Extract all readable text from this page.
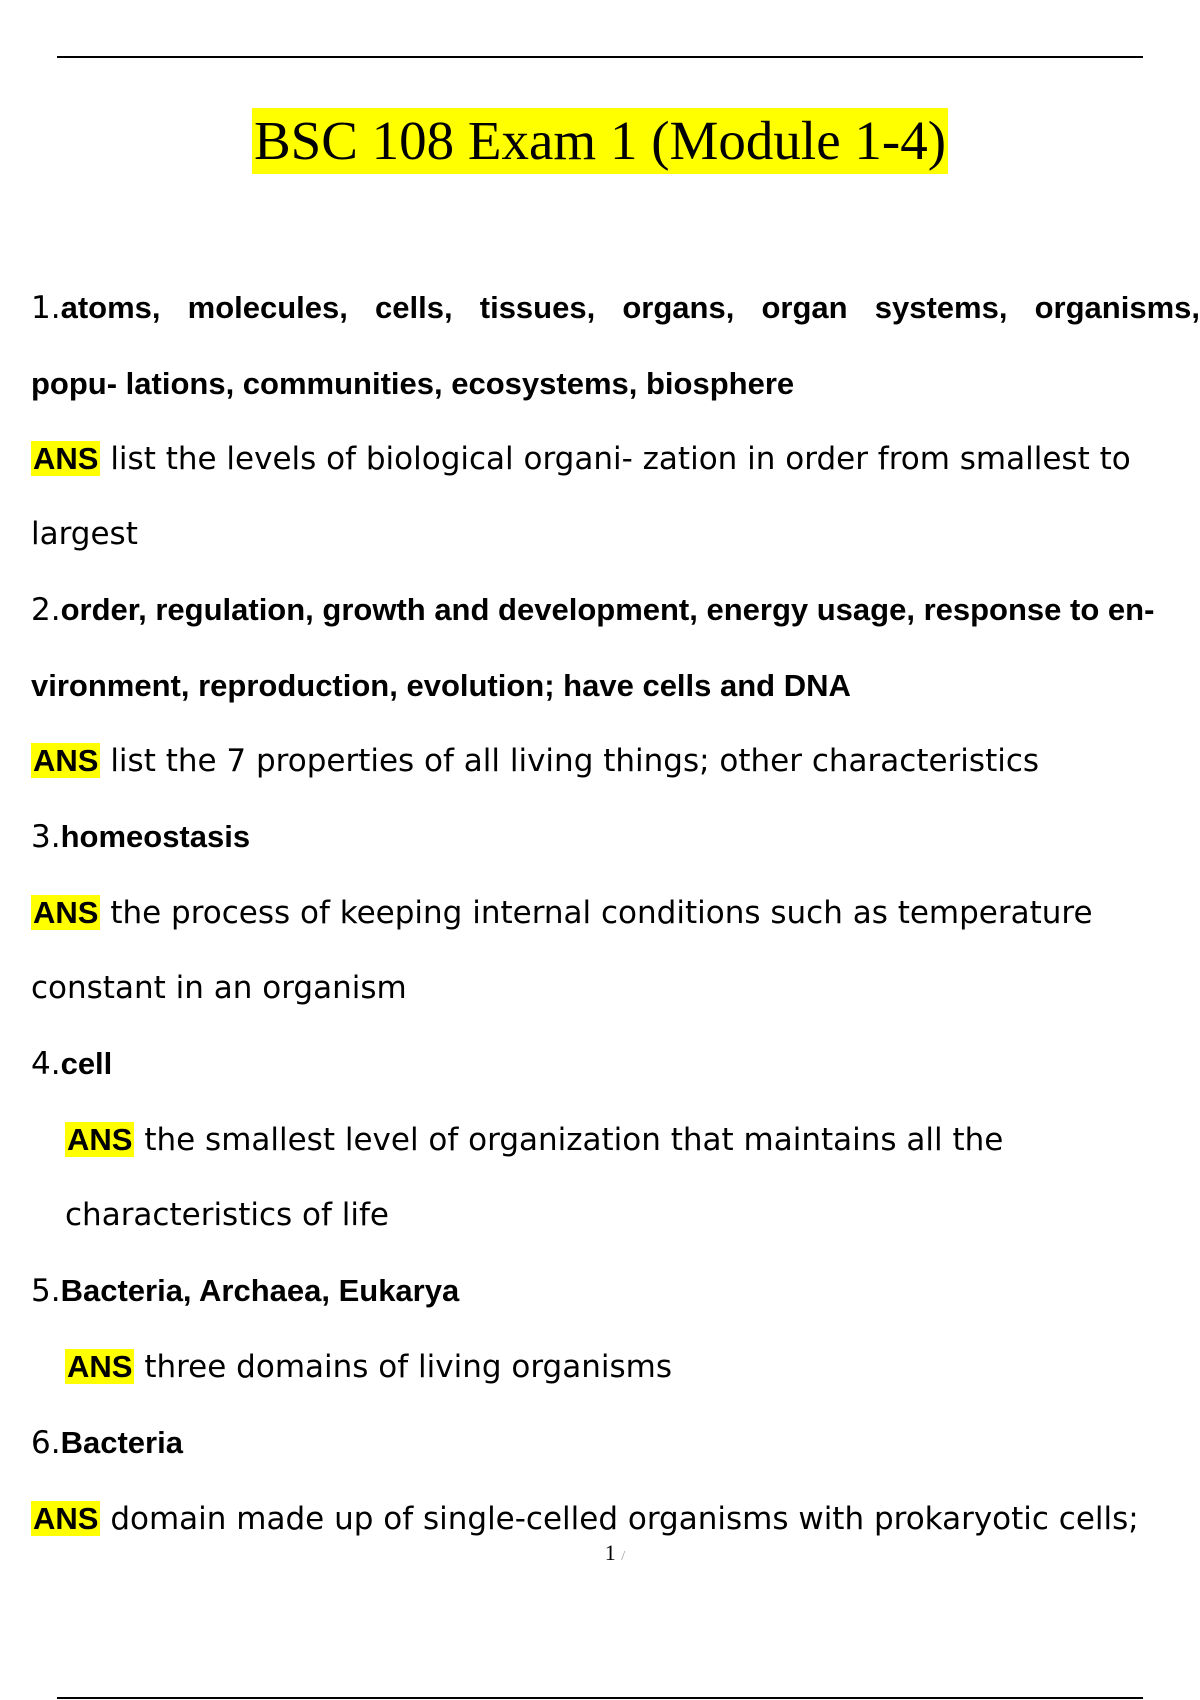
BSC 108 Exam 1 (Module 1-4)
1.atoms, molecules, cells, tissues, organs, organ systems, organisms,
popu- lations, communities, ecosystems, biosphere
ANS list the levels of biological organi- zation in order from smallest to
largest
2.order, regulation, growth and development, energy usage, response to en-
vironment, reproduction, evolution; have cells and DNA
ANS list the 7 properties of all living things; other characteristics
3.homeostasis
ANS the process of keeping internal conditions such as temperature
constant in an organism
4.cell
ANS the smallest level of organization that maintains all the
characteristics of life
5.Bacteria, Archaea, Eukarya
ANS three domains of living organisms
6.Bacteria
ANS domain made up of single-celled organisms with prokaryotic cells;
1 /
